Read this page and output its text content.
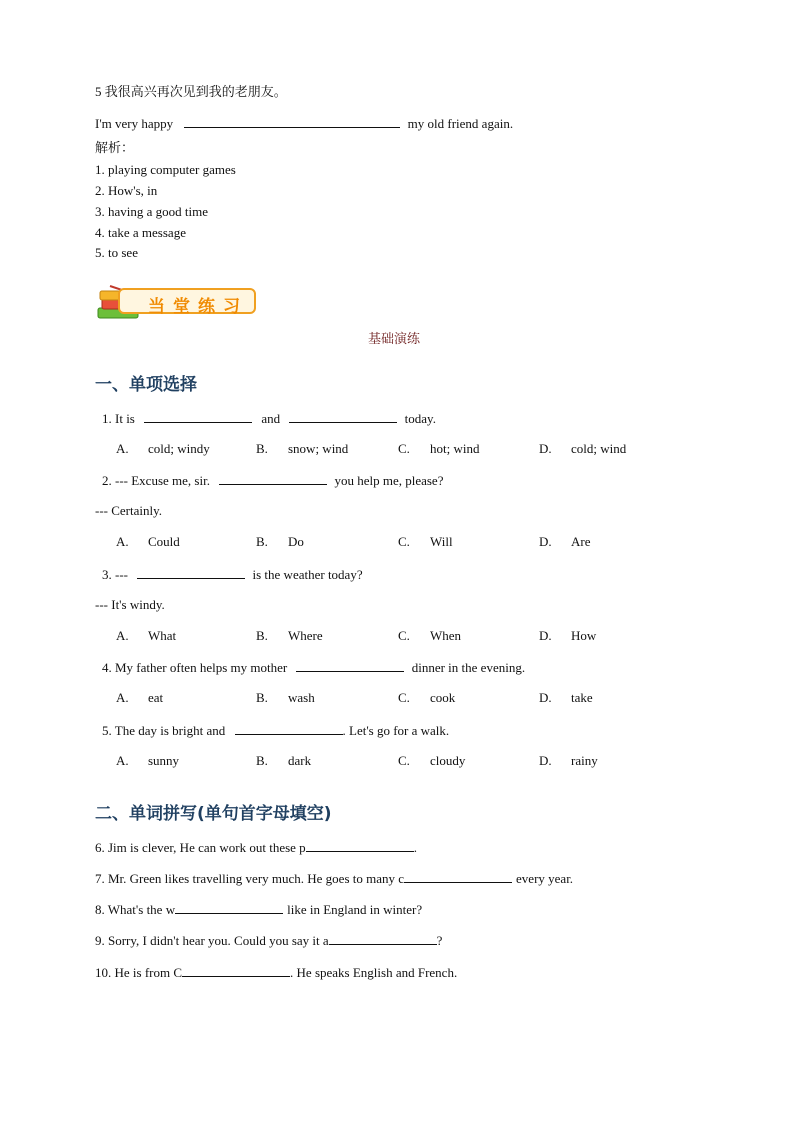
5 我很高兴再次见到我的老朋友。
I'm very happy	my old friend again.
解析：
1. playing computer games
2. How's, in
3. having a good time
4. take a message
5. to see
当堂练习
基础演练
一、单项选择
1. It is	and	today.
A. cold; windy	B. snow; wind	C. hot; wind	D. cold; wind
2. --- Excuse me, sir.	you help me, please?
--- Certainly.
A. Could	B. Do	C. Will	D. Are
3. ---	is the weather today?
--- It's windy.
A. What	B. Where	C. When	D. How
4. My father often helps my mother	dinner in the evening.
A. eat	B. wash	C. cook	D. take
5. The day is bright and	. Let's go for a walk.
A. sunny	B. dark	C. cloudy	D. rainy
二、单词拼写(单句首字母填空)
6. Jim is clever, He can work out these p	.
7. Mr. Green likes travelling very much. He goes to many c	every year.
8. What's the w	like in England in winter?
9. Sorry, I didn't hear you. Could you say it a	?
10. He is from C	. He speaks English and French.
